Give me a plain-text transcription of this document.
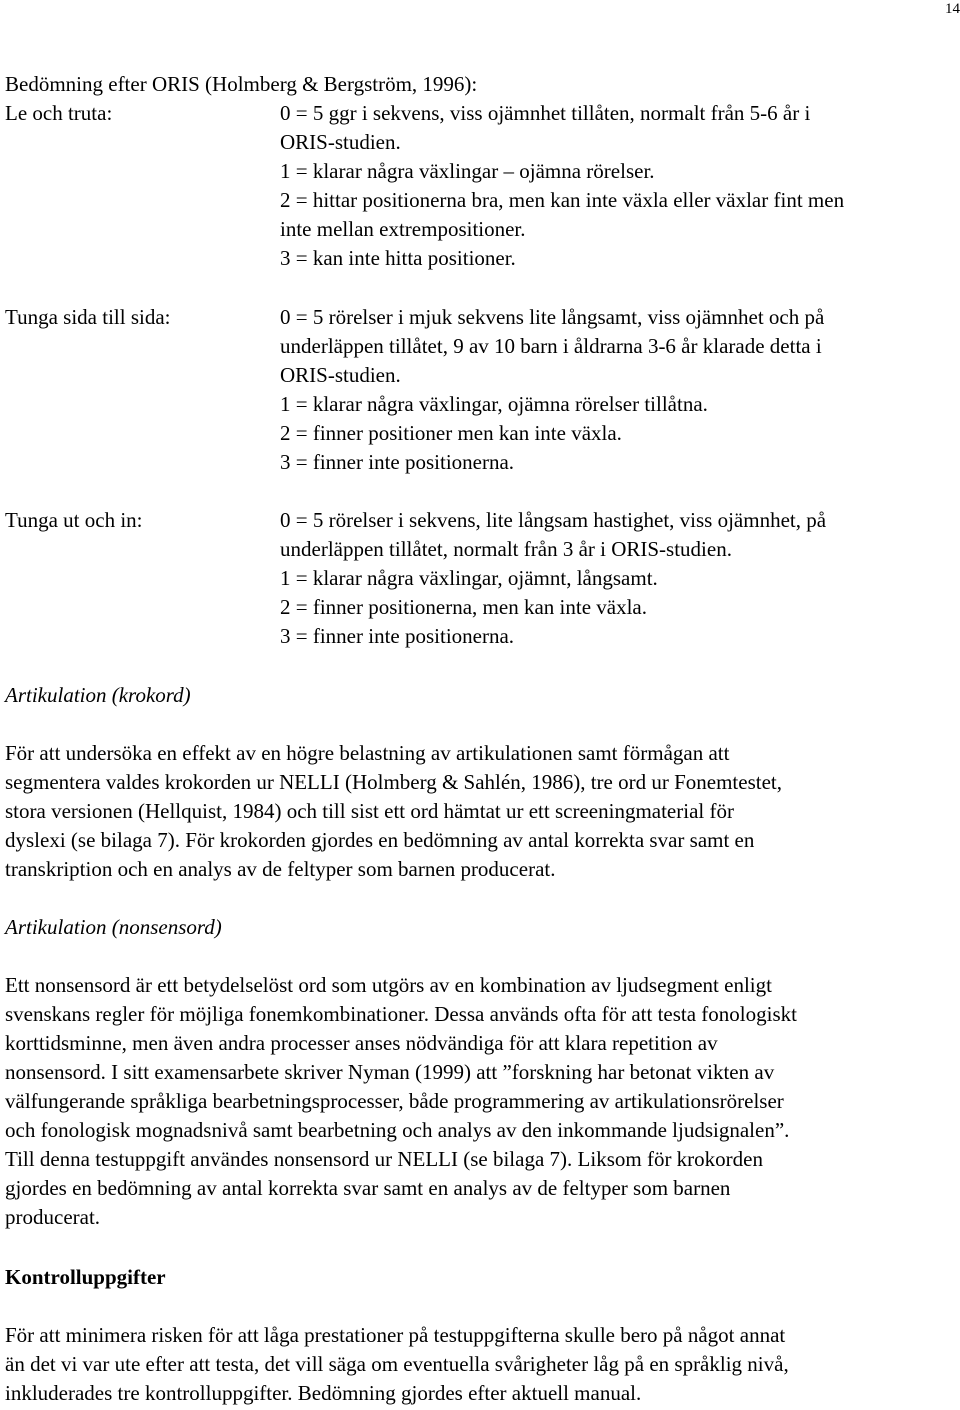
14
Bedömning efter ORIS (Holmberg & Bergström, 1996):
Le och truta:	0 = 5 ggr i sekvens, viss ojämnhet tillåten, normalt från 5-6 år i
ORIS-studien.
1 = klarar några växlingar – ojämna rörelser.
2 = hittar positionerna bra, men kan inte växla eller växlar fint men
inte mellan extrempositioner.
3 = kan inte hitta positioner.
Tunga sida till sida:	0 = 5 rörelser i mjuk sekvens lite långsamt, viss ojämnhet och på
underläppen tillåtet, 9 av 10 barn i åldrarna 3-6 år klarade detta i
ORIS-studien.
1 = klarar några växlingar, ojämna rörelser tillåtna.
2 = finner positioner men kan inte växla.
3 = finner inte positionerna.
Tunga ut och in:	0 = 5 rörelser i sekvens, lite långsam hastighet, viss ojämnhet, på
underläppen tillåtet, normalt från 3 år i ORIS-studien.
1 = klarar några växlingar, ojämnt, långsamt.
2 = finner positionerna, men kan inte växla.
3 = finner inte positionerna.
Artikulation (krokord)
För att undersöka en effekt av en högre belastning av artikulationen samt förmågan att
segmentera valdes krokorden ur NELLI (Holmberg & Sahlén, 1986), tre ord ur Fonemtestet,
stora versionen (Hellquist, 1984) och till sist ett ord hämtat ur ett screeningmaterial för
dyslexi (se bilaga 7). För krokorden gjordes en bedömning av antal korrekta svar samt en
transkription och en analys av de feltyper som barnen producerat.
Artikulation (nonsensord)
Ett nonsensord är ett betydelselöst ord som utgörs av en kombination av ljudsegment enligt
svenskans regler för möjliga fonemkombinationer. Dessa används ofta för att testa fonologiskt
korttidsminne, men även andra processer anses nödvändiga för att klara repetition av
nonsensord. I sitt examensarbete skriver Nyman (1999) att ”forskning har betonat vikten av
välfungerande språkliga bearbetningsprocesser, både programmering av artikulationsrörelser
och fonologisk mognadsnivå samt bearbetning och analys av den inkommande ljudsignalen”.
Till denna testuppgift användes nonsensord ur NELLI (se bilaga 7). Liksom för krokorden
gjordes en bedömning av antal korrekta svar samt en analys av de feltyper som barnen
producerat.
Kontrolluppgifter
För att minimera risken för att låga prestationer på testuppgifterna skulle bero på något annat
än det vi var ute efter att testa, det vill säga om eventuella svårigheter låg på en språklig nivå,
inkluderades tre kontrolluppgifter. Bedömning gjordes efter aktuell manual.
